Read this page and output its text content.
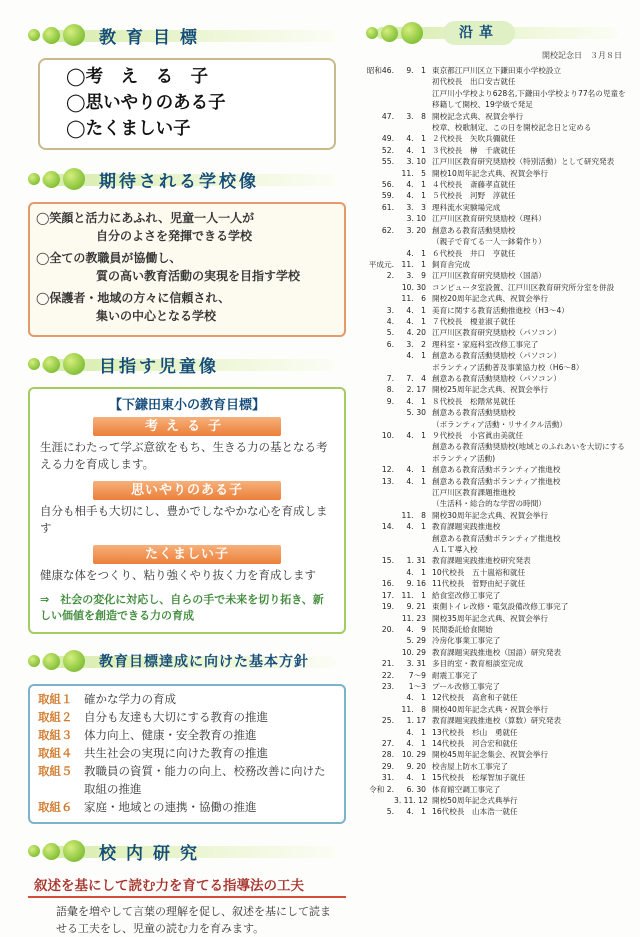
教育目標
◯考　え　る　子
◯思いやりのある子
◯たくましい子
期待される学校像
◯笑顔と活力にあふれ、児童一人一人が
自分のよさを発揮できる学校
◯全ての教職員が協働し、
質の高い教育活動の実現を目指す学校
◯保護者・地域の方々に信頼され、
集いの中心となる学校
目指す児童像
【下鎌田東小の教育目標】
考える子
生涯にわたって学ぶ意欲をもち、生きる力の基となる考える力を育成します。
思いやりのある子
自分も相手も大切にし、豊かでしなやかな心を育成します
たくましい子
健康な体をつくり、粘り強くやり抜く力を育成します
⇒　社会の変化に対応し、自らの手で未来を切り拓き、新しい価値を創造できる力の育成
教育目標達成に向けた基本方針
取組１	確かな学力の育成
取組２	自分も友達も大切にする教育の推進
取組３	体力向上、健康・安全教育の推進
取組４	共生社会の実現に向けた教育の推進
取組５	教職員の資質・能力の向上、校務改善に向けた取組の推進
取組６	家庭・地域との連携・協働の推進
校内研究
叙述を基にして読む力を育てる指導法の工夫
語彙を増やして言葉の理解を促し、叙述を基にして読ませる工夫をし、児童の読む力を育みます。
沿革
開校記念日　３月８日
昭和46.	9.　1 東京都江戸川区立下鎌田東小学校設立
初代校長　出口安吉就任
江戸川小学校より628名,下鎌田小学校より77名の児童を移籍して開校、19学級で発足
47.	3.　8 開校記念式典、祝賀会挙行
校章、校歌制定、この日を開校記念日と定める
49.	4.　1 ２代校長　矢吹兵彌就任
52.	4.　1 ３代校長　榊　千歳就任
55.	3. 10 江戸川区教育研究奨励校（特別活動）として研究発表
11.　5 開校10周年記念式典、祝賀会挙行
56.	4.　1 ４代校長　斎藤孝直就任
59.	4.　1 ５代校長　河野　淳就任
61.	3.　3 理科流水実験場完成
3. 10 江戸川区教育研究奨励校（理科）
62.	3. 20 創意ある教育活動奨励校
（親子で育てる一人一鉢菊作り）
4.　1 ６代校長　井口　亨就任
平成元. 11.　1 飼育舎完成
2.	3.　9 江戸川区教育研究奨励校（国語）
10. 30 コンピュータ室設置、江戸川区教育研究所分室を併設
11.　6 開校20周年記念式典、祝賀会挙行
3.	4.　1 美育に関する教育活動推進校（H3～4）
4.	4.　1 ７代校長　榎並淑子就任
5.	4. 20 江戸川区教育研究奨励校（パソコン）
6.	3.　2 理科室・家庭科室改修工事完了
4.　1 創意ある教育活動奨励校（パソコン）
ボランティア活動普及事業協力校（H6～8）
7.	7.　4 創意ある教育活動奨励校（パソコン）
8.	2. 17 開校25周年記念式典、祝賀会挙行
9.	4.　1 ８代校長　松隈常晃就任
5. 30 創意ある教育活動奨励校
（ボランティア活動・リサイクル活動）
10.	4.　1 ９代校長　小宮眞由美就任
創意ある教育活動奨励校(地域とのふれあいを大切にするボランティア活動)
12.	4.　1 創意ある教育活動ボランティア推進校
13.	4.　1 創意ある教育活動ボランティア推進校
江戸川区教育課題推進校
（生活科・総合的な学習の時間）
11.　8 開校30周年記念式典、祝賀会挙行
14.	4.　1 教育課題実践推進校
創意ある教育活動ボランティア推進校
ＡＬＴ導入校
15.	1. 31 教育課題実践推進校研究発表
4.　1 10代校長　五十嵐裕和就任
16.	9. 16 11代校長　菅野由紀子就任
17. 11.　1 給食室改修工事完了
19.	9. 21 東側トイレ改修・電気設備改修工事完了
11. 23 開校35周年記念式典、祝賀会挙行
20.	4.　9 民間委託給食開始
5. 29 冷房化事業工事完了
10. 29 教育課題実践推進校（国語）研究発表
21.	3. 31 多目的室・教育相談室完成
22.	7～9 耐震工事完了
23.	1～3 プール改修工事完了
4.　1 12代校長　高倉和子就任
11.　8 開校40周年記念式典・祝賀会挙行
25.	1. 17 教育課題実践推進校（算数）研究発表
4.　1 13代校長　杉山　勇就任
27.	4.　1 14代校長　河合宏和就任
28.	10. 29 開校45周年記念集会、祝賀会挙行
29.	9. 20 校舎屋上防水工事完了
31.	4.　1 15代校長　松塚智加子就任
令和 2.	6. 30 体育館空調工事完了
3. 11. 12 開校50周年記念式典挙行
5.	4.　1 16代校長　山本浩一就任
